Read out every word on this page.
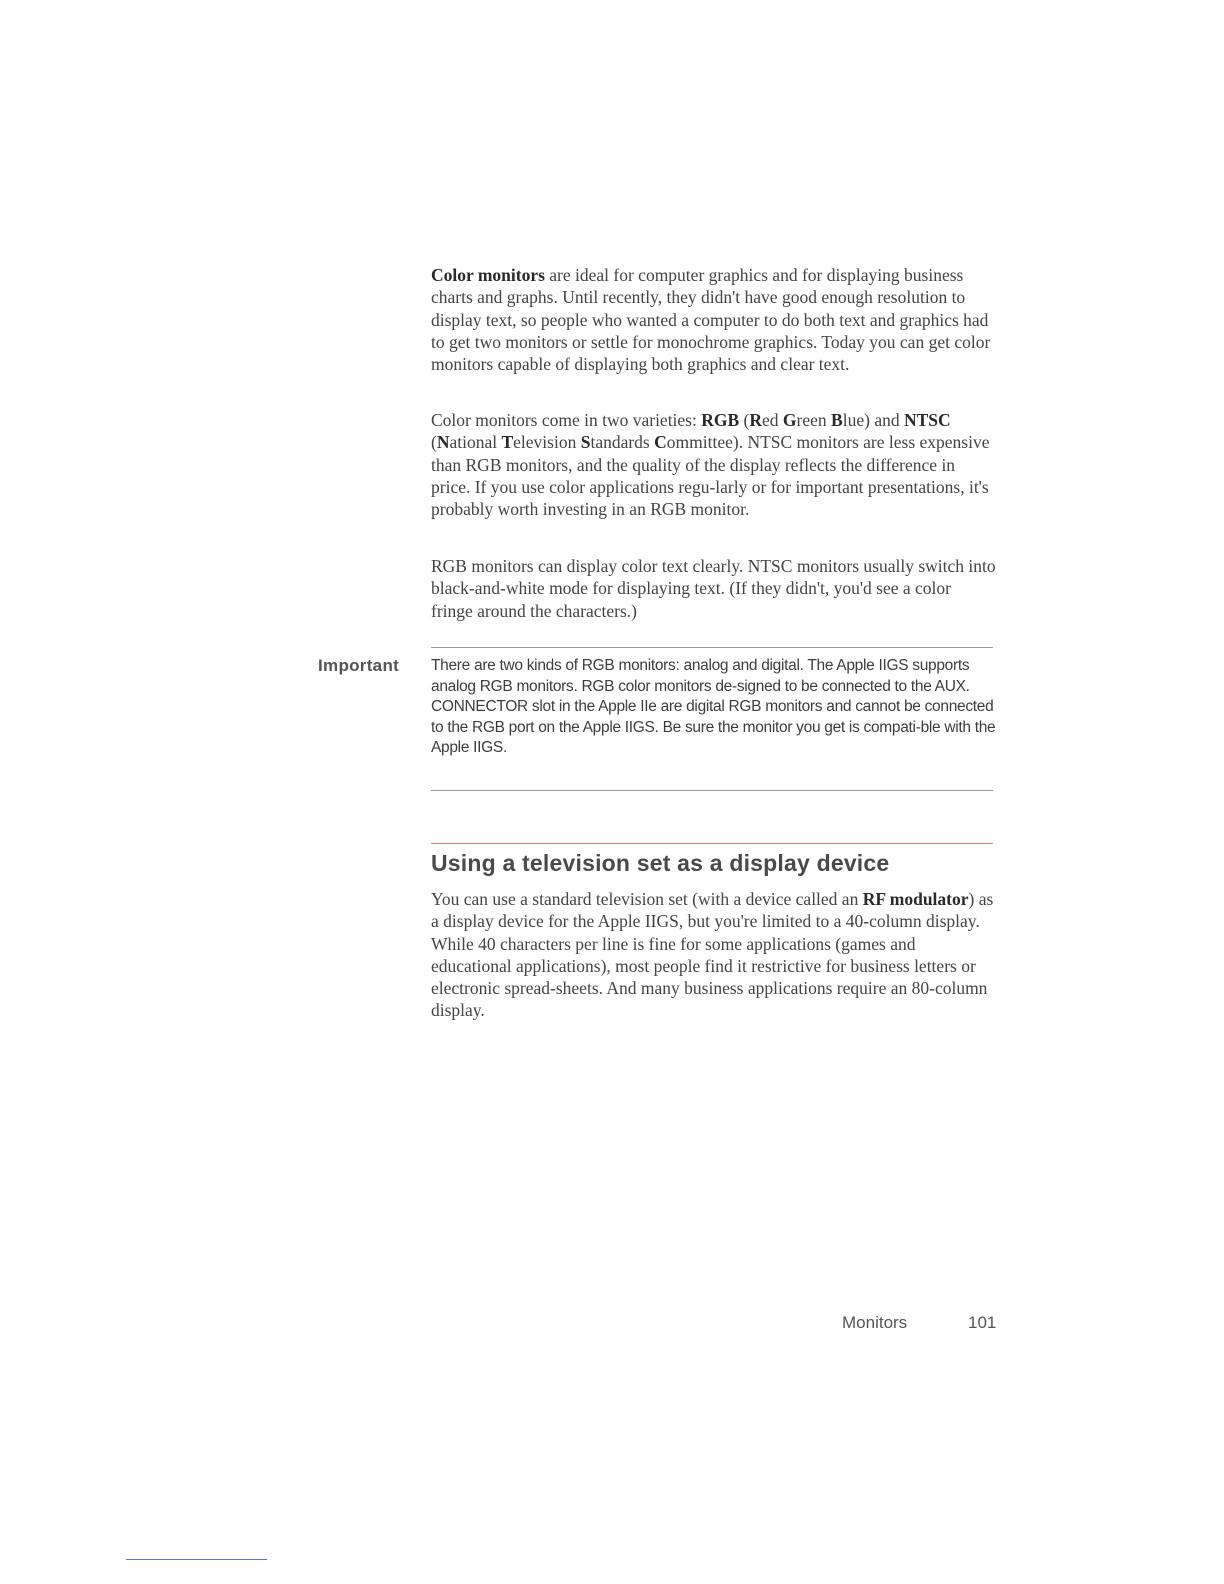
Color monitors are ideal for computer graphics and for displaying business charts and graphs. Until recently, they didn't have good enough resolution to display text, so people who wanted a computer to do both text and graphics had to get two monitors or settle for monochrome graphics. Today you can get color monitors capable of displaying both graphics and clear text.

Color monitors come in two varieties: RGB (Red Green Blue) and NTSC (National Television Standards Committee). NTSC monitors are less expensive than RGB monitors, and the quality of the display reflects the difference in price. If you use color applications regu-larly or for important presentations, it's probably worth investing in an RGB monitor.

RGB monitors can display color text clearly. NTSC monitors usually switch into black-and-white mode for displaying text. (If they didn't, you'd see a color fringe around the characters.)

Important There are two kinds of RGB monitors: analog and digital. The Apple IIGS supports analog RGB monitors. RGB color monitors de-signed to be connected to the AUX. CONNECTOR slot in the Apple IIe are digital RGB monitors and cannot be connected to the RGB port on the Apple IIGS. Be sure the monitor you get is compati-ble with the Apple IIGS.
Using a television set as a display device

You can use a standard television set (with a device called an RF modulator) as a display device for the Apple IIGS, but you're limited to a 40-column display. While 40 characters per line is fine for some applications (games and educational applications), most people find it restrictive for business letters or electronic spread-sheets. And many business applications require an 80-column display.

Monitors	101
